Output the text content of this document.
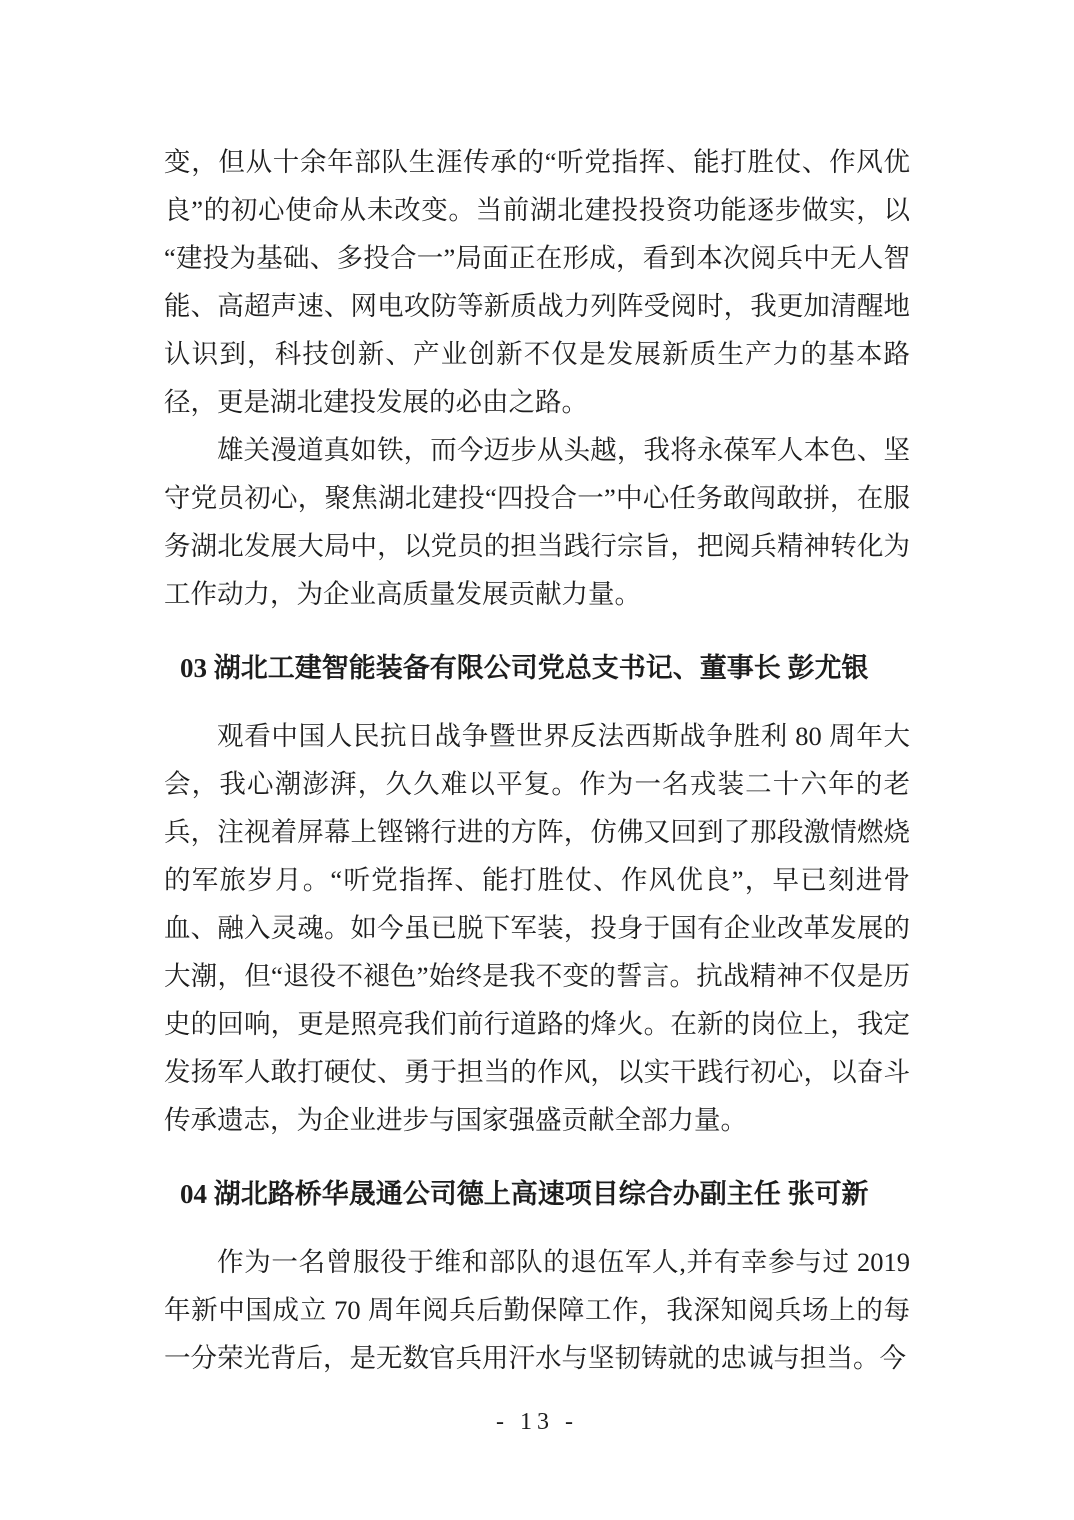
变，但从十余年部队生涯传承的“听党指挥、能打胜仗、作风优良”的初心使命从未改变。当前湖北建投投资功能逐步做实，以“建投为基础、多投合一”局面正在形成，看到本次阅兵中无人智能、高超声速、网电攻防等新质战力列阵受阅时，我更加清醒地认识到，科技创新、产业创新不仅是发展新质生产力的基本路径，更是湖北建投发展的必由之路。

雄关漫道真如铁，而今迈步从头越，我将永葆军人本色、坚守党员初心，聚焦湖北建投“四投合一”中心任务敢闯敢拼，在服务湖北发展大局中，以党员的担当践行宗旨，把阅兵精神转化为工作动力，为企业高质量发展贡献力量。

03 湖北工建智能装备有限公司党总支书记、董事长 彭尤银

观看中国人民抗日战争暨世界反法西斯战争胜利 80 周年大会，我心潮澎湃，久久难以平复。作为一名戎装二十六年的老兵，注视着屏幕上铿锵行进的方阵，仿佛又回到了那段激情燃烧的军旅岁月。“听党指挥、能打胜仗、作风优良”，早已刻进骨血、融入灵魂。如今虽已脱下军装，投身于国有企业改革发展的大潮，但“退役不褪色”始终是我不变的誓言。抗战精神不仅是历史的回响，更是照亮我们前行道路的烽火。在新的岗位上，我定发扬军人敢打硬仗、勇于担当的作风，以实干践行初心，以奋斗传承遗志，为企业进步与国家强盛贡献全部力量。

04 湖北路桥华晟通公司德上高速项目综合办副主任 张可新

作为一名曾服役于维和部队的退伍军人,并有幸参与过 2019 年新中国成立 70 周年阅兵后勤保障工作，我深知阅兵场上的每一分荣光背后，是无数官兵用汗水与坚韧铸就的忠诚与担当。今

- 13 -
